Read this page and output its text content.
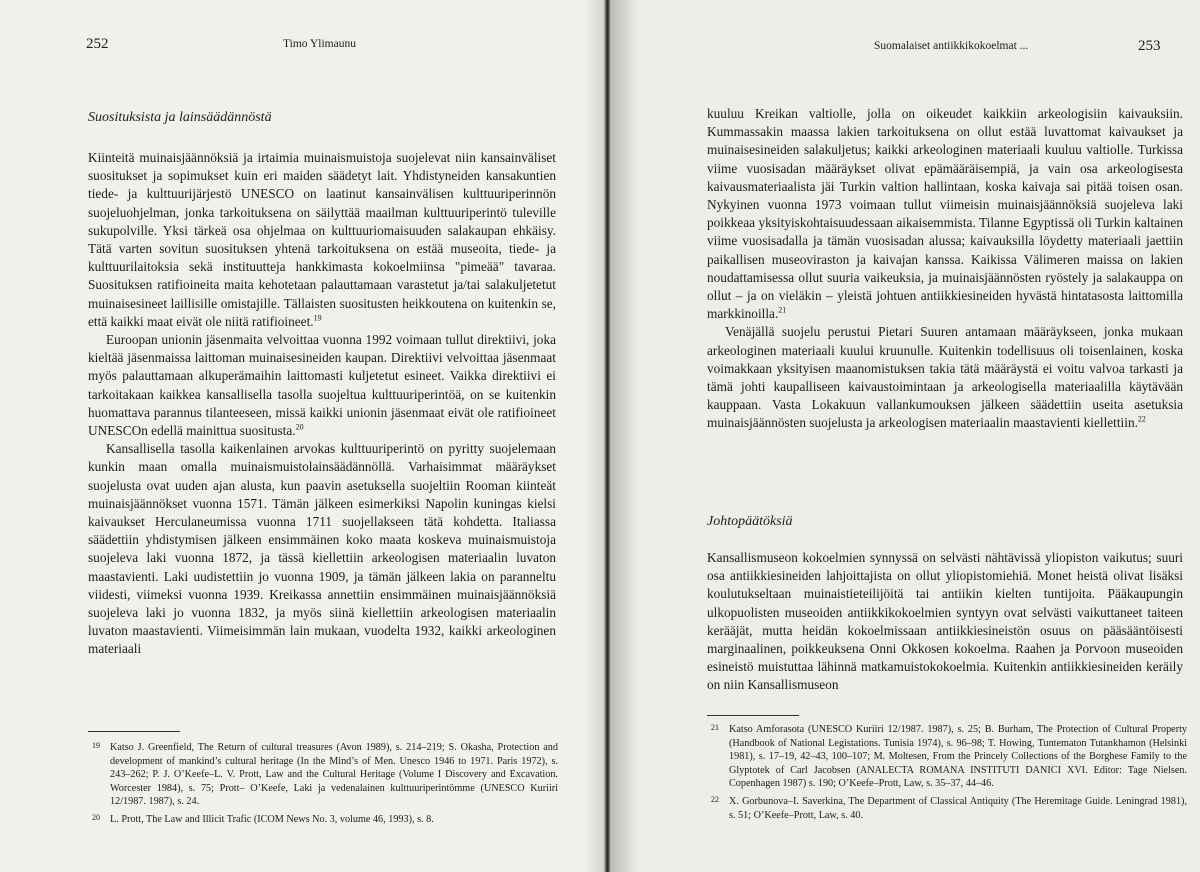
252	Timo Ylimaunu
Suosituksista ja lainsäädännöstä

Kiinteitä muinaisjäännöksiä ja irtaimia muinaismuistoja suojelevat niin kansainväliset suositukset ja sopimukset kuin eri maiden säädetyt lait. Yhdistyneiden kansakuntien tiede- ja kulttuurijärjestö UNESCO on laatinut kansainvälisen kulttuuriperinnön suojeluohjelman, jonka tarkoituksena on säilyttää maailman kulttuuriperintö tuleville sukupolville. Yksi tärkeä osa ohjelmaa on kulttuuriomaisuuden salakaupan ehkäisy. Tätä varten sovitun suosituksen yhtenä tarkoituksena on estää museoita, tiede- ja kulttuurilaitoksia sekä instituutteja hankkimasta kokoelmiinsa "pimeää" tavaraa. Suosituksen ratifioineita maita kehotetaan palauttamaan varastetut ja/tai salakuljetetut muinaisesineet laillisille omistajille. Tällaisten suositusten heikkoutena on kuitenkin se, että kaikki maat eivät ole niitä ratifioineet.$^{19}$

Euroopan unionin jäsenmaita velvoittaa vuonna 1992 voimaan tullut direktiivi, joka kieltää jäsenmaissa laittoman muinaisesineiden kaupan. Direktiivi velvoittaa jäsenmaat myös palauttamaan alkuperämaihin laittomasti kuljetetut esineet. Vaikka direktiivi ei tarkoitakaan kaikkea kansallisella tasolla suojeltua kulttuuriperintöä, on se kuitenkin huomattava parannus tilanteeseen, missä kaikki unionin jäsenmaat eivät ole ratifioineet UNESCOn edellä mainittua suositusta.$^{20}$

Kansallisella tasolla kaikenlainen arvokas kulttuuriperintö on pyritty suojelemaan kunkin maan omalla muinaismuistolainsäädännöllä. Varhaisimmat määräykset suojelusta ovat uuden ajan alusta, kun paavin asetuksella suojeltiin Rooman kiinteät muinaisjäännökset vuonna 1571. Tämän jälkeen esimerkiksi Napolin kuningas kielsi kaivaukset Herculaneumissa vuonna 1711 suojellakseen tätä kohdetta. Italiassa säädettiin yhdistymisen jälkeen ensimmäinen koko maata koskeva muinaismuistoja suojeleva laki vuonna 1872, ja tässä kiellettiin arkeologisen materiaalin luvaton maastavienti. Laki uudistettiin jo vuonna 1909, ja tämän jälkeen lakia on paranneltu viidesti, viimeksi vuonna 1939. Kreikassa annettiin ensimmäinen muinaisjäännöksiä suojeleva laki jo vuonna 1832, ja myös siinä kiellettiin arkeologisen materiaalin luvaton maastavienti. Viimeisimmän lain mukaan, vuodelta 1932, kaikki arkeologinen materiaali

19 Katso J. Greenfield, The Return of cultural treasures (Avon 1989), s. 214–219; S. Okasha, Protection and development of mankind’s cultural heritage (In the Mind’s of Men. Unesco 1946 to 1971. Paris 1972), s. 243–262; P. J. O’Keefe–L. V. Prott, Law and the Cultural Heritage (Volume I Discovery and Excavation. Worcester 1984), s. 75; Prott– O’Keefe, Laki ja vedenalainen kulttuuriperintömme (UNESCO Kuriiri 12/1987. 1987), s. 24.
20 L. Prott, The Law and Illicit Trafic (ICOM News No. 3, volume 46, 1993), s. 8.
Suomalaiset antiikkikokoelmat ...	253

kuuluu Kreikan valtiolle, jolla on oikeudet kaikkiin arkeologisiin kaivauksiin. Kummassakin maassa lakien tarkoituksena on ollut estää luvattomat kaivaukset ja muinaisesineiden salakuljetus; kaikki arkeologinen materiaali kuuluu valtiolle. Turkissa viime vuosisadan määräykset olivat epämääräisempiä, ja vain osa arkeologisesta kaivausmateriaalista jäi Turkin valtion hallintaan, koska kaivaja sai pitää toisen osan. Nykyinen vuonna 1973 voimaan tullut viimeisin muinaisjäännöksiä suojeleva laki poikkeaa yksityiskohtaisuudessaan aikaisemmista. Tilanne Egyptissä oli Turkin kaltainen viime vuosisadalla ja tämän vuosisadan alussa; kaivauksilla löydetty materiaali jaettiin paikallisen museoviraston ja kaivajan kanssa. Kaikissa Välimeren maissa on lakien noudattamisessa ollut suuria vaikeuksia, ja muinaisjäännösten ryöstely ja salakauppa on ollut – ja on vieläkin – yleistä johtuen antiikkiesineiden hyvästä hintatasosta laittomilla markkinoilla.$^{21}$

Venäjällä suojelu perustui Pietari Suuren antamaan määräykseen, jonka mukaan arkeologinen materiaali kuului kruunulle. Kuitenkin todellisuus oli toisenlainen, koska voimakkaan yksityisen maanomistuksen takia tätä määräystä ei voitu valvoa tarkasti ja tämä johti kaupalliseen kaivaustoimintaan ja arkeologisella materiaalilla käytävään kauppaan. Vasta Lokakuun vallankumouksen jälkeen säädettiin useita asetuksia muinaisjäännösten suojelusta ja arkeologisen materiaalin maastavienti kiellettiin.$^{22}$

Johtopäätöksiä

Kansallismuseon kokoelmien synnyssä on selvästi nähtävissä yliopiston vaikutus; suuri osa antiikkiesineiden lahjoittajista on ollut yliopistomiehiä. Monet heistä olivat lisäksi koulutukseltaan muinaistieteilijöitä tai antiikin kielten tuntijoita. Pääkaupungin ulkopuolisten museoiden antiikkikokoelmien syntyyn ovat selvästi vaikuttaneet taiteen kerääjät, mutta heidän kokoelmissaan antiikkiesineistön osuus on pääsääntöisesti marginaalinen, poikkeuksena Onni Okkosen kokoelma. Raahen ja Porvoon museoiden esineistö muistuttaa lähinnä matkamuistokokoelmia. Kuitenkin antiikkiesineiden keräily on niin Kansallismuseon

21 Katso Amforasota (UNESCO Kuriiri 12/1987. 1987), s. 25; B. Burham, The Protection of Cultural Property (Handbook of National Legistations. Tunisia 1974), s. 96–98; T. Howing, Tuntematon Tutankhamon (Helsinki 1981), s. 17–19, 42–43, 100–107; M. Moltesen, From the Princely Collections of the Borghese Family to the Glyptotek of Carl Jacobsen (ANALECTA ROMANA INSTITUTI DANICI XVI. Editor: Tage Nielsen. Copenhagen 1987) s. 190; O’Keefe–Prott, Law, s. 35–37, 44–46.
22 X. Gorbunova–I. Saverkina, The Department of Classical Antiquity (The Heremitage Guide. Leningrad 1981), s. 51; O’Keefe–Prott, Law, s. 40.
